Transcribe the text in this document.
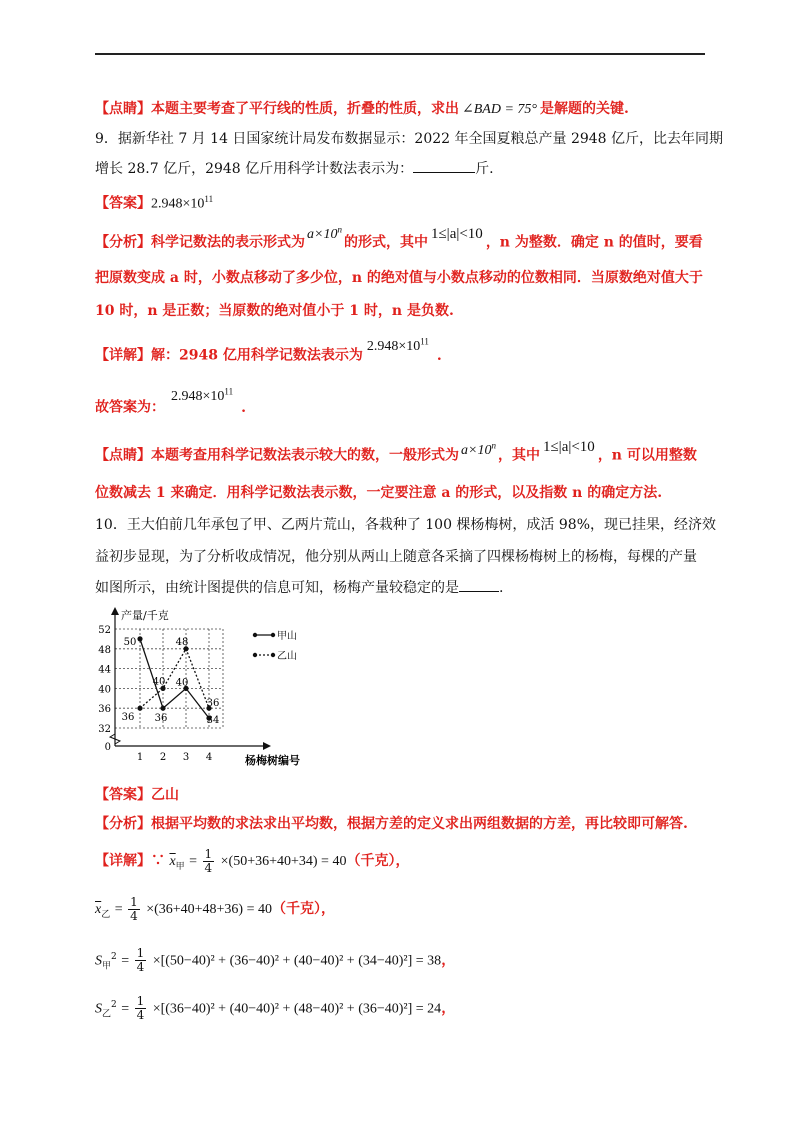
【点睛】本题主要考查了平行线的性质，折叠的性质，求出 ∠BAD = 75° 是解题的关键.
9．据新华社 7 月 14 日国家统计局发布数据显示：2022 年全国夏粮总产量 2948 亿斤，比去年同期
增长 28.7 亿斤，2948 亿斤用科学计数法表示为：	斤.
【答案】$2.948\times 10^{11}$
【分析】科学记数法的表示形式为$a\times 10^n$的形式，其中1≤|a|<10，n 为整数．确定 n 的值时，要看
把原数变成 a 时，小数点移动了多少位，n 的绝对值与小数点移动的位数相同．当原数绝对值大于
10 时，n 是正数；当原数的绝对值小于 1 时，n 是负数.
【详解】解：2948 亿用科学记数法表示为$2.948\times 10^{11}$.
故答案为：$2.948\times 10^{11}$.
【点睛】本题考查用科学记数法表示较大的数，一般形式为 $a\times 10^n$，其中1≤|a|<10，n 可以用整数
位数减去 1 来确定．用科学记数法表示数，一定要注意 a 的形式，以及指数 n 的确定方法.
10．王大伯前几年承包了甲、乙两片荒山，各栽种了 100 棵杨梅树，成活 98%，现已挂果，经济效
益初步显现，为了分析收成情况，他分别从两山上随意各采摘了四棵杨梅树上的杨梅，每棵的产量
如图所示，由统计图提供的信息可知，杨梅产量较稳定的是	.
0
32
36
40
44
48
52
1 2 3 4
产量/千克
杨梅树编号
甲山
乙山
50
36
40
34
36
40
48
36
【答案】乙山
【分析】根据平均数的求法求出平均数，根据方差的定义求出两组数据的方差，再比较即可解答.
【详解】∵ $\overline{x}_甲 = \frac{1}{4} \times(50+36+40+34) = 40$（千克），
$\overline{x}_乙 = \frac{1}{4} \times(36+40+48+36) = 40$（千克），
$S_甲^2 = \frac{1}{4} \times[(50-40)^2 + (36-40)^2 + (40-40)^2 + (34-40)^2] = 38$，
$S_乙^2 = \frac{1}{4} \times[(36-40)^2 + (40-40)^2 + (48-40)^2 + (36-40)^2] = 24$，
